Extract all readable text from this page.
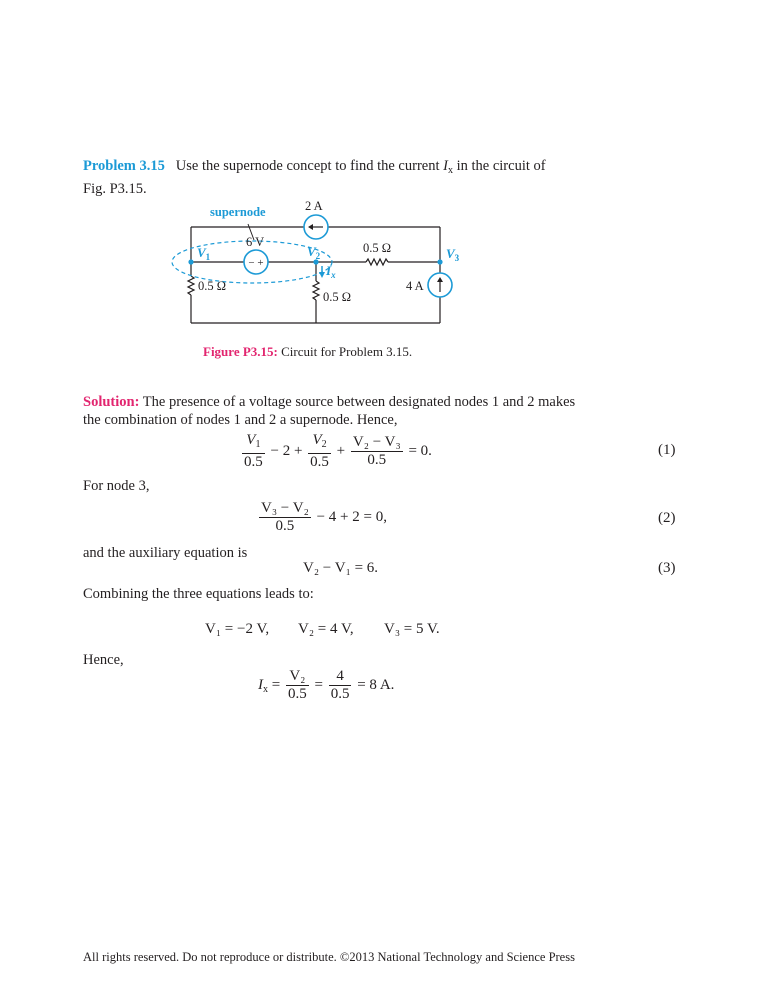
Problem 3.15 Use the supernode concept to find the current $I_x$ in the circuit of
Fig. P3.15.
− +
supernode	2 A
6 V
$V_1$	$V_2$	$V_3$
0.5 Ω
0.5 Ω
0.5 Ω
4 A
$I_x$
Figure P3.15: Circuit for Problem 3.15.
Solution: The presence of a voltage source between designated nodes 1 and 2 makes
the combination of nodes 1 and 2 a supernode. Hence,
$\frac{V_1}{0.5} - 2 + \frac{V_2}{0.5} + \frac{\text{V₂ − V₃}}{0.5} = 0$.	(1)
For node 3,
$\frac{\text{V₃ − V₂}}{0.5} - 4 + 2 = 0$,	(2)
and the auxiliary equation is
V₂ − V₁ = 6.	(3)
Combining the three equations leads to:
V₁ = −2 V, V₂ = 4 V, V₃ = 5 V.
Hence,
$I_x = \frac{\text{V₂}}{0.5} = \frac{4}{0.5} = 8$ A.
All rights reserved. Do not reproduce or distribute. ©2013 National Technology and Science Press
